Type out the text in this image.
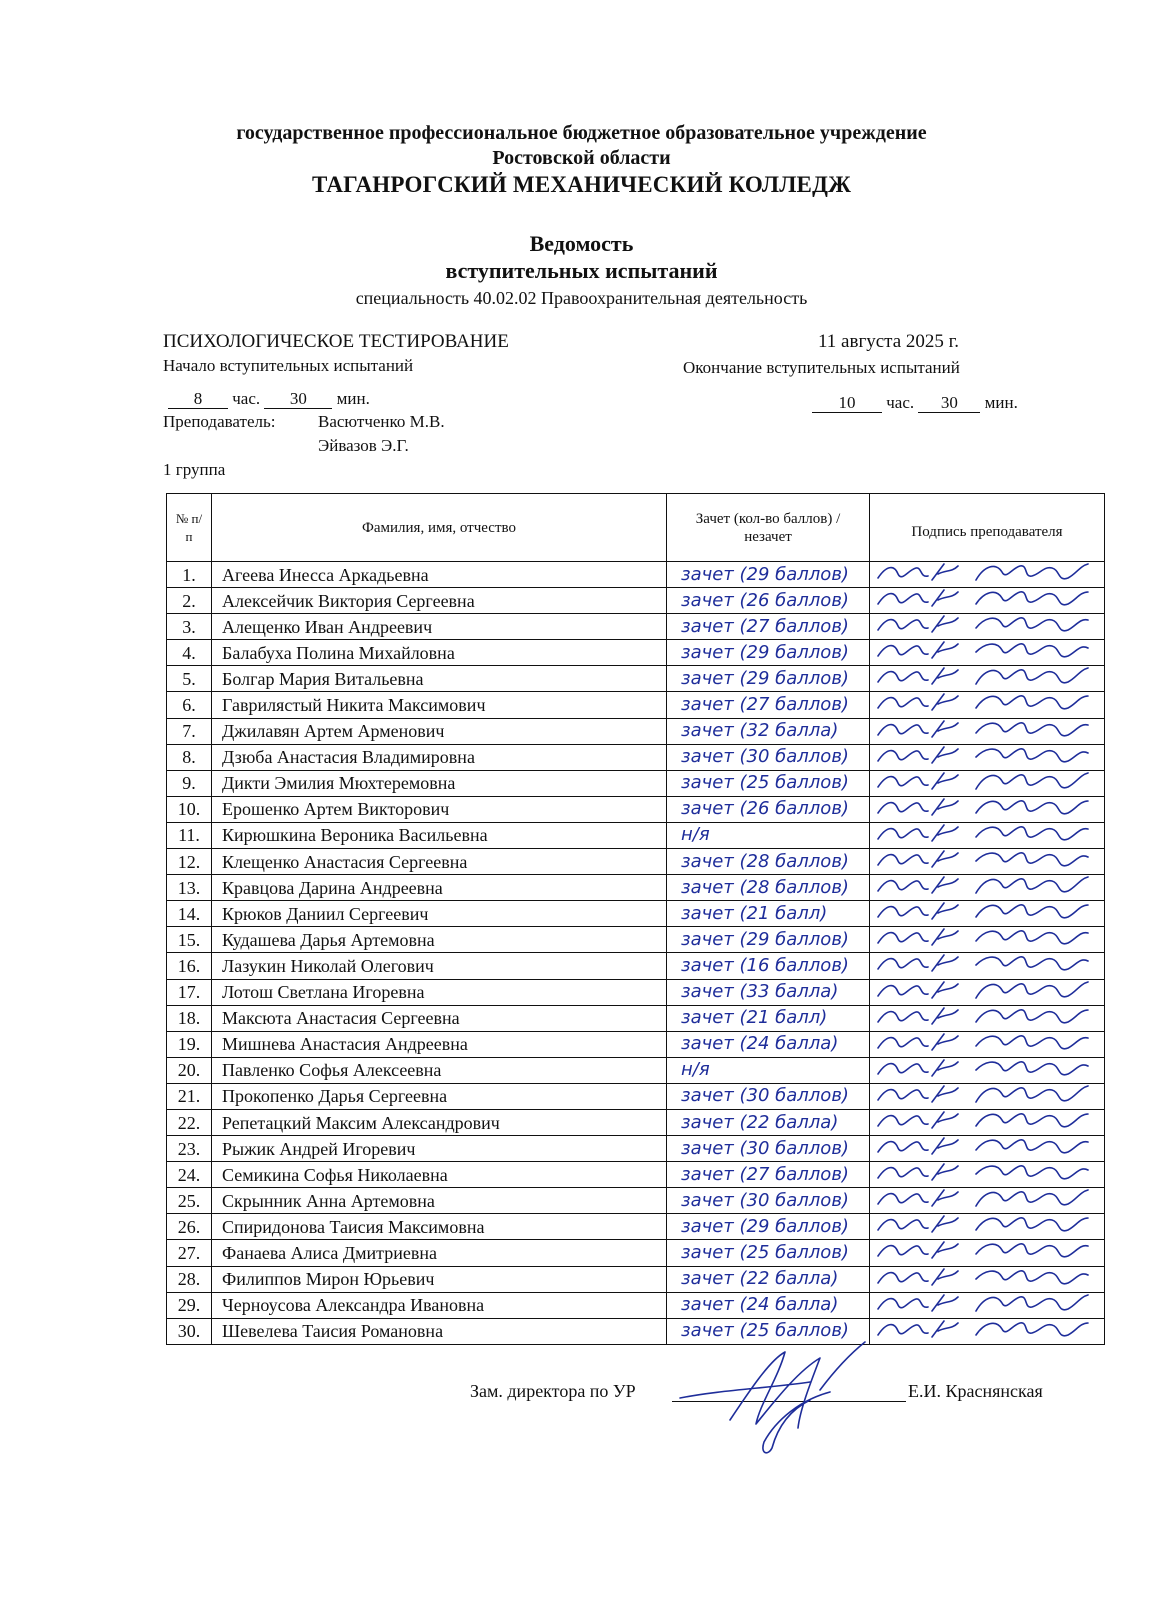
государственное профессиональное бюджетное образовательное учреждение
Ростовской области
ТАГАНРОГСКИЙ МЕХАНИЧЕСКИЙ КОЛЛЕДЖ
Ведомость
вступительных испытаний
специальность 40.02.02 Правоохранительная деятельность
ПСИХОЛОГИЧЕСКОЕ ТЕСТИРОВАНИЕ	11 августа 2025 г.
Начало вступительных испытаний	Окончание вступительных испытаний
8 час. 30 мин.	10 час. 30 мин.
Преподаватель:	Васютченко М.В.
Эйвазов Э.Г.
1 группа
№ п/п	Фамилия, имя, отчество	Зачет (кол-во баллов) / незачет	Подпись преподавателя
1.	Агеева Инесса Аркадьевна	зачет (29 баллов)	

2.	Алексейчик Виктория Сергеевна	зачет (26 баллов)	

3.	Алещенко Иван Андреевич	зачет (27 баллов)	

4.	Балабуха Полина Михайловна	зачет (29 баллов)	

5.	Болгар Мария Витальевна	зачет (29 баллов)	

6.	Гаврилястый Никита Максимович	зачет (27 баллов)	

7.	Джилавян Артем Арменович	зачет (32 балла)	

8.	Дзюба Анастасия Владимировна	зачет (30 баллов)	

9.	Дикти Эмилия Мюхтеремовна	зачет (25 баллов)	

10.	Ерошенко Артем Викторович	зачет (26 баллов)	

11.	Кирюшкина Вероника Васильевна	н/я	

12.	Клещенко Анастасия Сергеевна	зачет (28 баллов)	

13.	Кравцова Дарина Андреевна	зачет (28 баллов)	

14.	Крюков Даниил Сергеевич	зачет (21 балл)	

15.	Кудашева Дарья Артемовна	зачет (29 баллов)	

16.	Лазукин Николай Олегович	зачет (16 баллов)	

17.	Лотош Светлана Игоревна	зачет (33 балла)	

18.	Максюта Анастасия Сергеевна	зачет (21 балл)	

19.	Мишнева Анастасия Андреевна	зачет (24 балла)	

20.	Павленко Софья Алексеевна	н/я	

21.	Прокопенко Дарья Сергеевна	зачет (30 баллов)	

22.	Репетацкий Максим Александрович	зачет (22 балла)	

23.	Рыжик Андрей Игоревич	зачет (30 баллов)	

24.	Семикина Софья Николаевна	зачет (27 баллов)	

25.	Скрынник Анна Артемовна	зачет (30 баллов)	

26.	Спиридонова Таисия Максимовна	зачет (29 баллов)	

27.	Фанаева Алиса Дмитриевна	зачет (25 баллов)	

28.	Филиппов Мирон Юрьевич	зачет (22 балла)	

29.	Черноусова Александра Ивановна	зачет (24 балла)	

30.	Шевелева Таисия Романовна	зачет (25 баллов)	
Зам. директора по УР	Е.И. Краснянская
